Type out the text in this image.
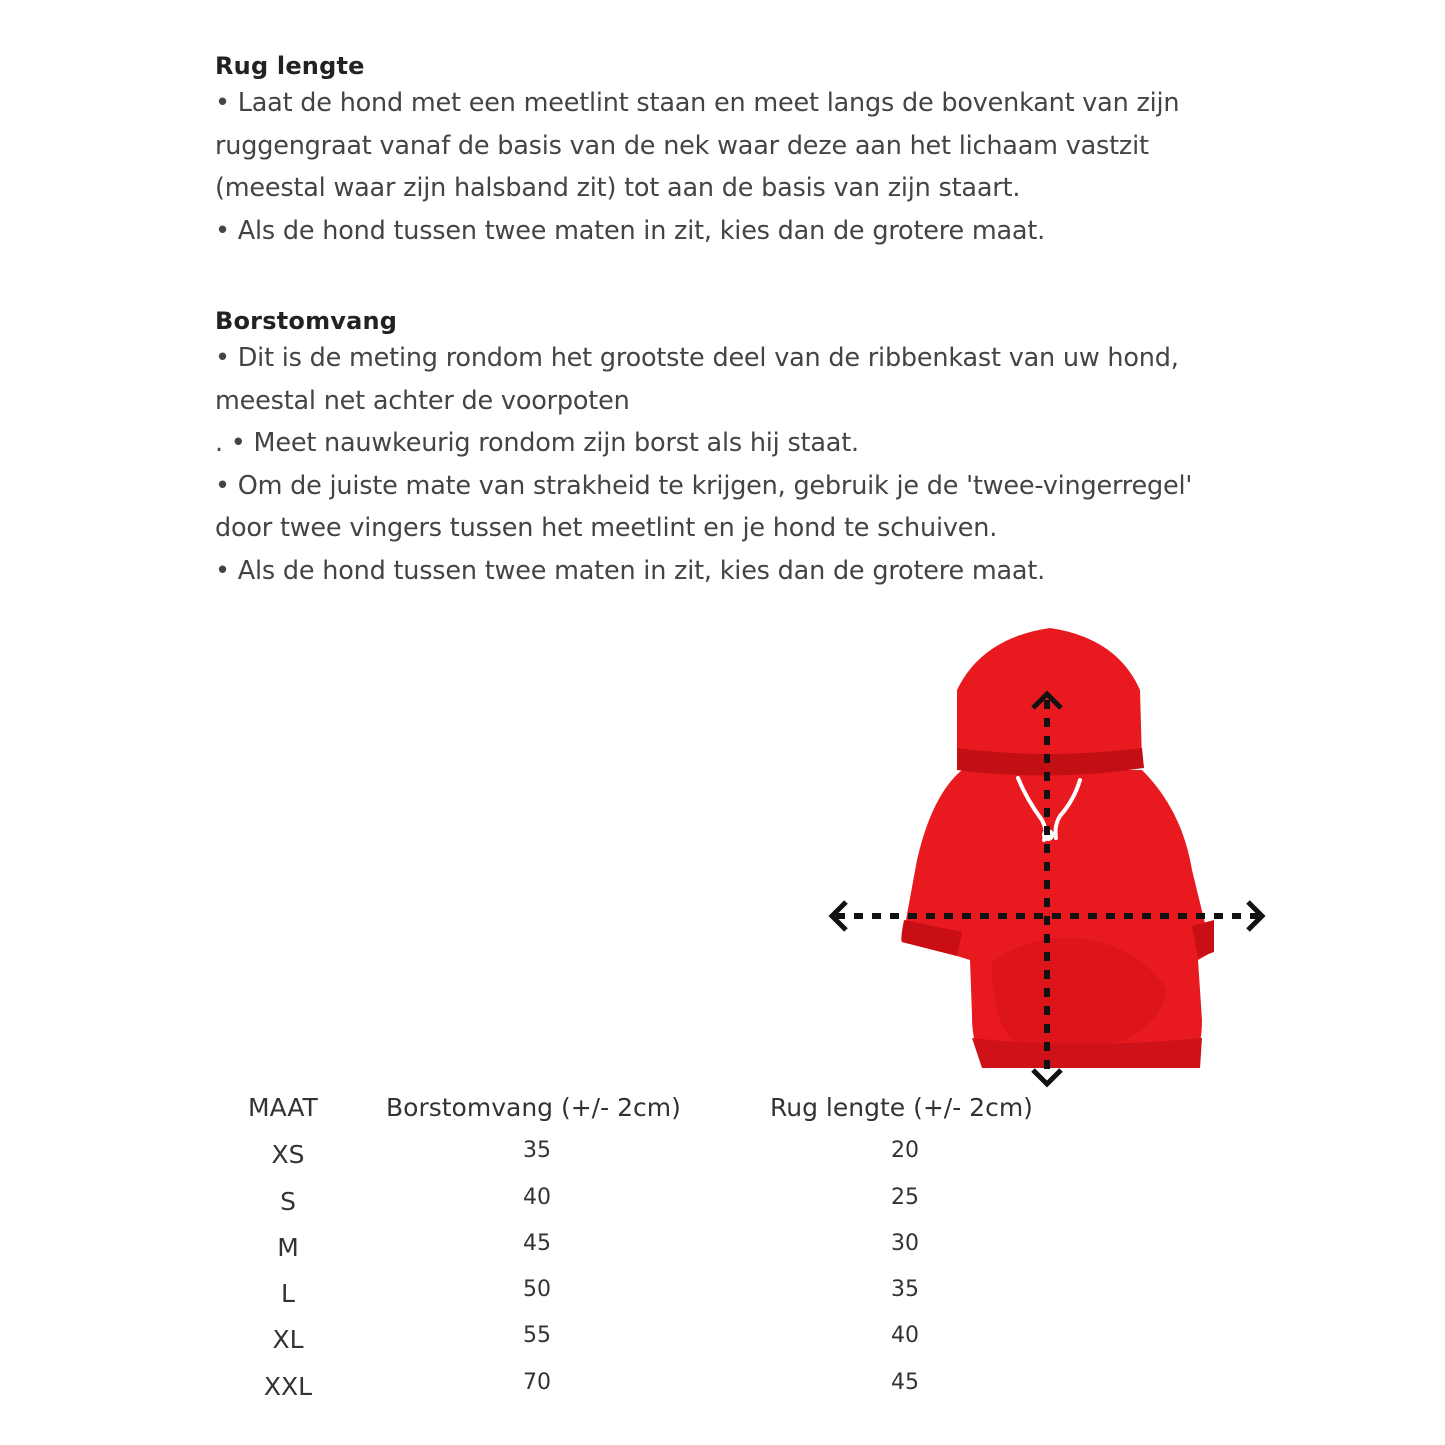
Rug lengte
• Laat de hond met een meetlint staan en meet langs de bovenkant van zijn
ruggengraat vanaf de basis van de nek waar deze aan het lichaam vastzit
(meestal waar zijn halsband zit) tot aan de basis van zijn staart.
• Als de hond tussen twee maten in zit, kies dan de grotere maat.
Borstomvang
• Dit is de meting rondom het grootste deel van de ribbenkast van uw hond,
meestal net achter de voorpoten
. • Meet nauwkeurig rondom zijn borst als hij staat.
• Om de juiste mate van strakheid te krijgen, gebruik je de 'twee-vingerregel'
door twee vingers tussen het meetlint en je hond te schuiven.
• Als de hond tussen twee maten in zit, kies dan de grotere maat.
MAAT	Borstomvang (+/- 2cm)	Rug lengte (+/- 2cm)
XS	35	20
S	40	25
M	45	30
L	50	35
XL	55	40
XXL	70	45
